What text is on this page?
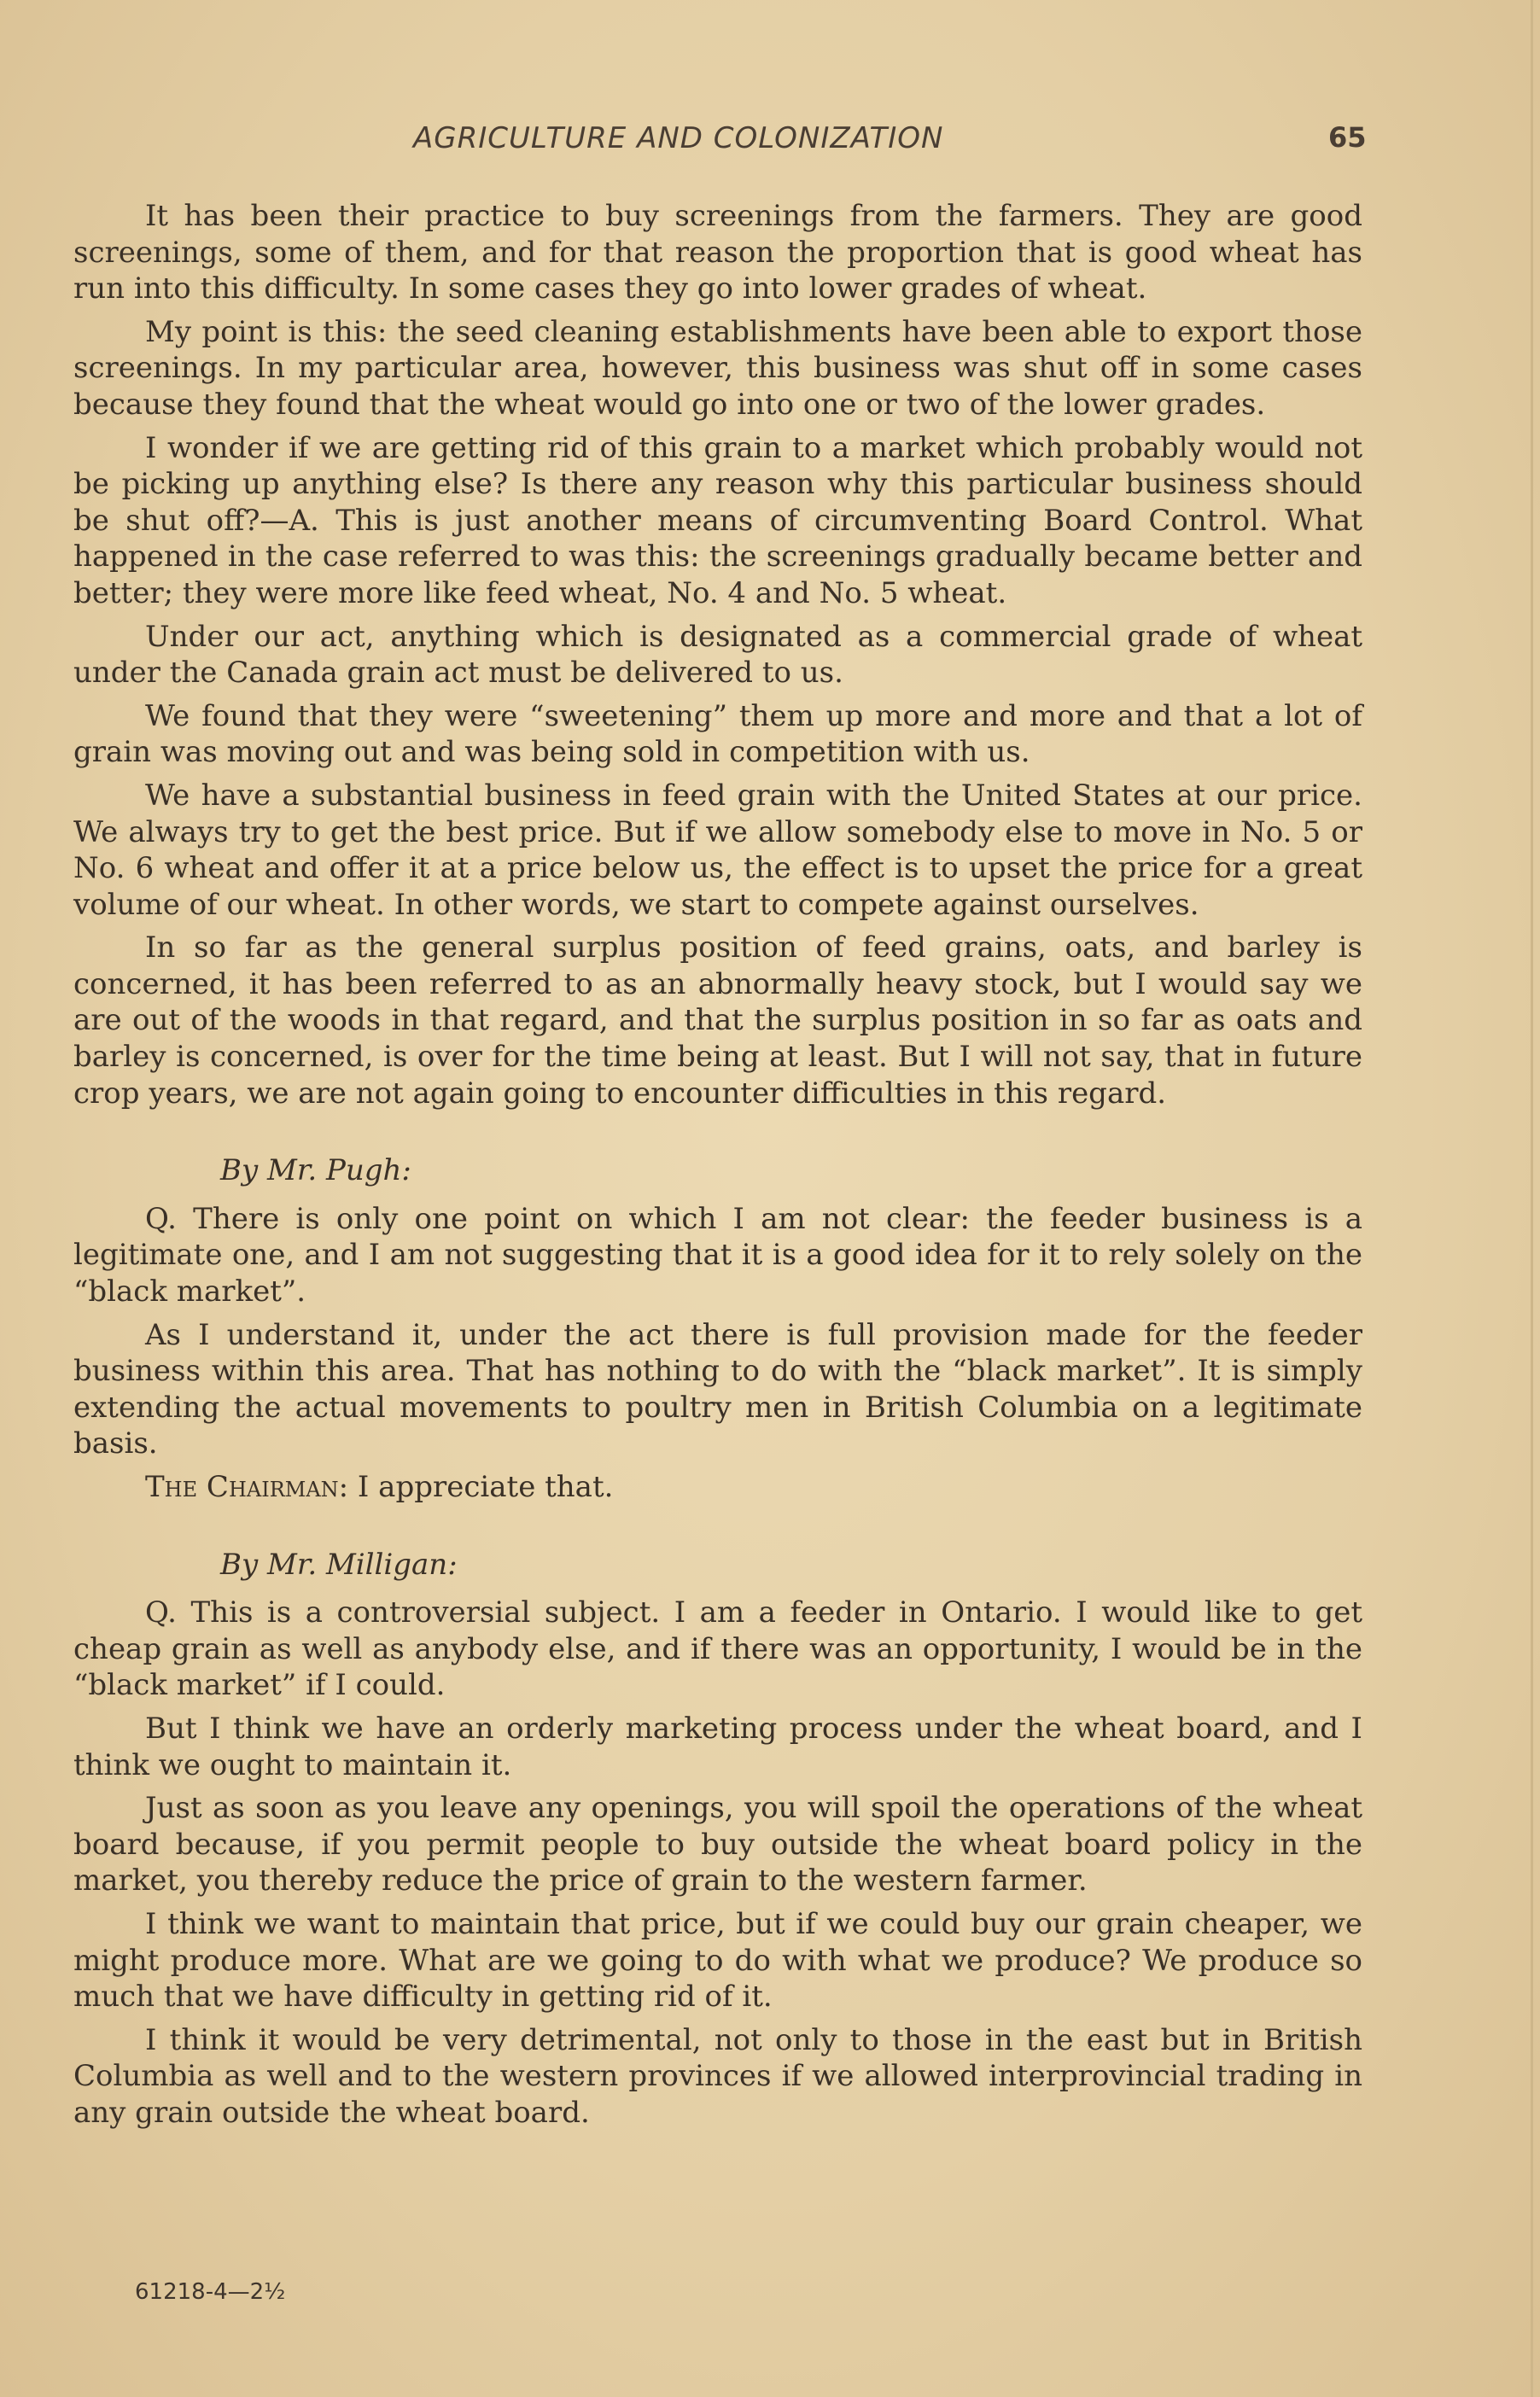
AGRICULTURE AND COLONIZATION	65

It has been their practice to buy screenings from the farmers. They are good screenings, some of them, and for that reason the proportion that is good wheat has run into this difficulty. In some cases they go into lower grades of wheat.

My point is this: the seed cleaning establishments have been able to export those screenings. In my particular area, however, this business was shut off in some cases because they found that the wheat would go into one or two of the lower grades.

I wonder if we are getting rid of this grain to a market which probably would not be picking up anything else? Is there any reason why this particular business should be shut off?—A. This is just another means of circumventing Board Control. What happened in the case referred to was this: the screenings gradually became better and better; they were more like feed wheat, No. 4 and No. 5 wheat.

Under our act, anything which is designated as a commercial grade of wheat under the Canada grain act must be delivered to us.

We found that they were “sweetening” them up more and more and that a lot of grain was moving out and was being sold in competition with us.

We have a substantial business in feed grain with the United States at our price. We always try to get the best price. But if we allow somebody else to move in No. 5 or No. 6 wheat and offer it at a price below us, the effect is to upset the price for a great volume of our wheat. In other words, we start to compete against ourselves.

In so far as the general surplus position of feed grains, oats, and barley is concerned, it has been referred to as an abnormally heavy stock, but I would say we are out of the woods in that regard, and that the surplus position in so far as oats and barley is concerned, is over for the time being at least. But I will not say, that in future crop years, we are not again going to encounter difficulties in this regard.

By Mr. Pugh:

Q. There is only one point on which I am not clear: the feeder business is a legitimate one, and I am not suggesting that it is a good idea for it to rely solely on the “black market”.

As I understand it, under the act there is full provision made for the feeder business within this area. That has nothing to do with the “black market”. It is simply extending the actual movements to poultry men in British Columbia on a legitimate basis.

The Chairman: I appreciate that.

By Mr. Milligan:

Q. This is a controversial subject. I am a feeder in Ontario. I would like to get cheap grain as well as anybody else, and if there was an opportunity, I would be in the “black market” if I could.

But I think we have an orderly marketing process under the wheat board, and I think we ought to maintain it.

Just as soon as you leave any openings, you will spoil the operations of the wheat board because, if you permit people to buy outside the wheat board policy in the market, you thereby reduce the price of grain to the western farmer.

I think we want to maintain that price, but if we could buy our grain cheaper, we might produce more. What are we going to do with what we produce? We produce so much that we have difficulty in getting rid of it.

I think it would be very detrimental, not only to those in the east but in British Columbia as well and to the western provinces if we allowed interprovincial trading in any grain outside the wheat board.

61218-4—2½
